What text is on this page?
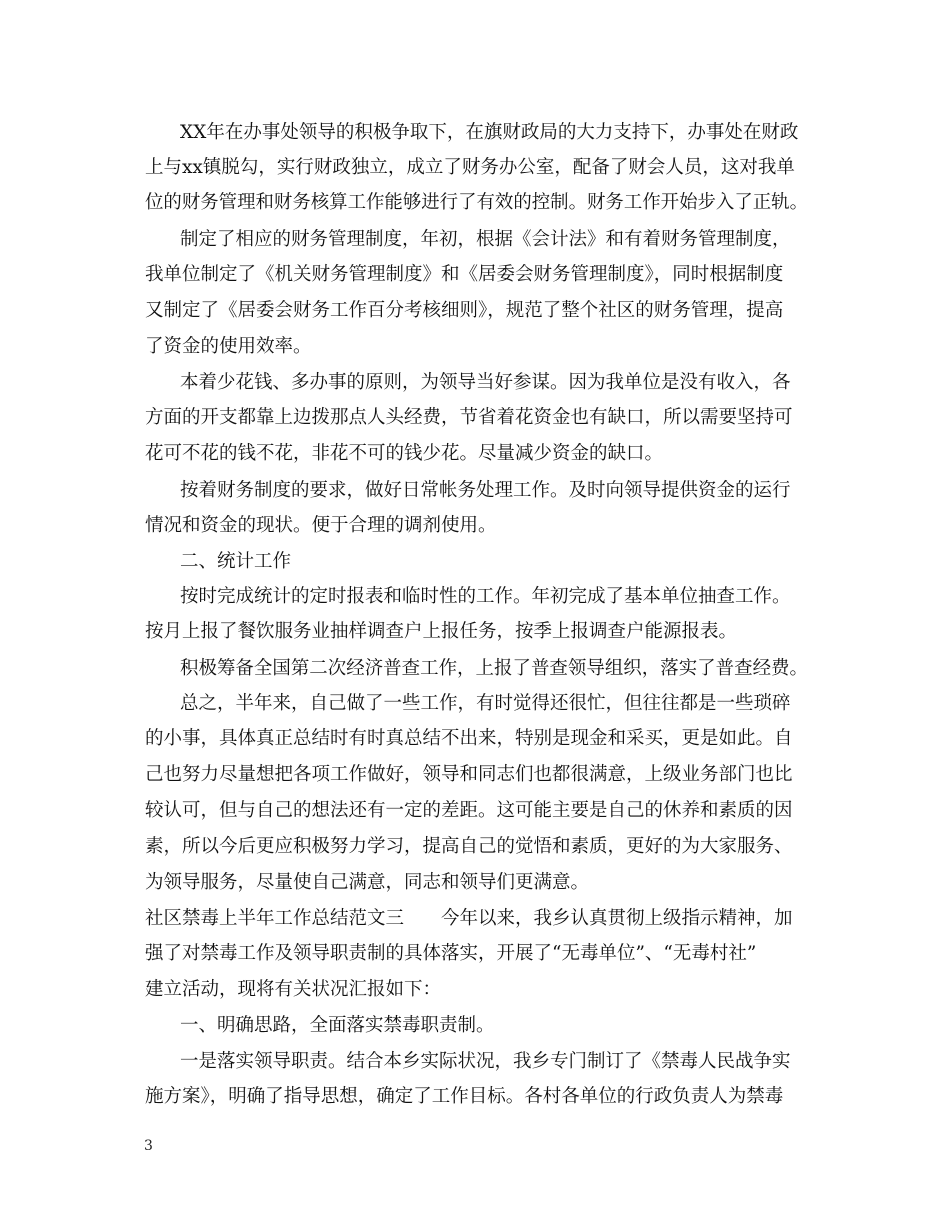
XX年在办事处领导的积极争取下，在旗财政局的大力支持下，办事处在财政
上与xx镇脱勾，实行财政独立，成立了财务办公室，配备了财会人员，这对我单
位的财务管理和财务核算工作能够进行了有效的控制。财务工作开始步入了正轨。
制定了相应的财务管理制度，年初，根据《会计法》和有着财务管理制度，
我单位制定了《机关财务管理制度》和《居委会财务管理制度》，同时根据制度
又制定了《居委会财务工作百分考核细则》，规范了整个社区的财务管理，提高
了资金的使用效率。
本着少花钱、多办事的原则，为领导当好参谋。因为我单位是没有收入，各
方面的开支都靠上边拨那点人头经费，节省着花资金也有缺口，所以需要坚持可
花可不花的钱不花，非花不可的钱少花。尽量减少资金的缺口。
按着财务制度的要求，做好日常帐务处理工作。及时向领导提供资金的运行
情况和资金的现状。便于合理的调剂使用。
二、统计工作
按时完成统计的定时报表和临时性的工作。年初完成了基本单位抽查工作。
按月上报了餐饮服务业抽样调查户上报任务，按季上报调查户能源报表。
积极筹备全国第二次经济普查工作，上报了普查领导组织，落实了普查经费。
总之，半年来，自己做了一些工作，有时觉得还很忙，但往往都是一些琐碎
的小事，具体真正总结时有时真总结不出来，特别是现金和采买，更是如此。自
己也努力尽量想把各项工作做好，领导和同志们也都很满意，上级业务部门也比
较认可，但与自己的想法还有一定的差距。这可能主要是自己的休养和素质的因
素，所以今后更应积极努力学习，提高自己的觉悟和素质，更好的为大家服务、
为领导服务，尽量使自己满意，同志和领导们更满意。
社区禁毒上半年工作总结范文三　　今年以来，我乡认真贯彻上级指示精神，加
强了对禁毒工作及领导职责制的具体落实，开展了“无毒单位”、“无毒村社”
建立活动，现将有关状况汇报如下：
一、明确思路，全面落实禁毒职责制。
一是落实领导职责。结合本乡实际状况，我乡专门制订了《禁毒人民战争实
施方案》，明确了指导思想，确定了工作目标。各村各单位的行政负责人为禁毒
3
